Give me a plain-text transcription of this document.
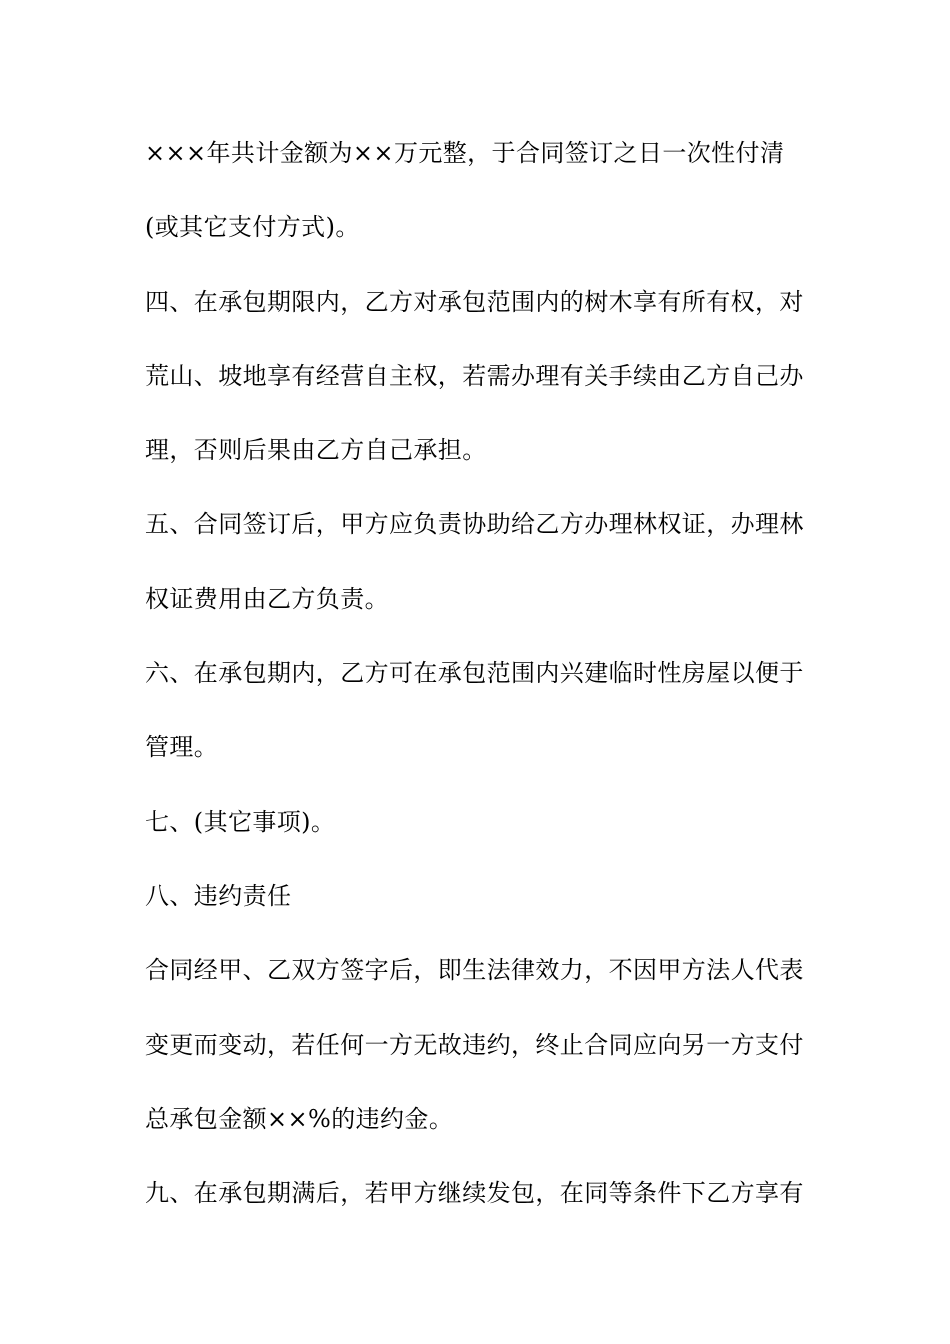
×××年共计金额为××万元整，于合同签订之日一次性付清
(或其它支付方式)。
四、在承包期限内，乙方对承包范围内的树木享有所有权，对
荒山、坡地享有经营自主权，若需办理有关手续由乙方自己办
理，否则后果由乙方自己承担。
五、合同签订后，甲方应负责协助给乙方办理林权证，办理林
权证费用由乙方负责。
六、在承包期内，乙方可在承包范围内兴建临时性房屋以便于
管理。
七、(其它事项)。
八、违约责任
合同经甲、乙双方签字后，即生法律效力，不因甲方法人代表
变更而变动，若任何一方无故违约，终止合同应向另一方支付
总承包金额××%的违约金。
九、在承包期满后，若甲方继续发包，在同等条件下乙方享有
